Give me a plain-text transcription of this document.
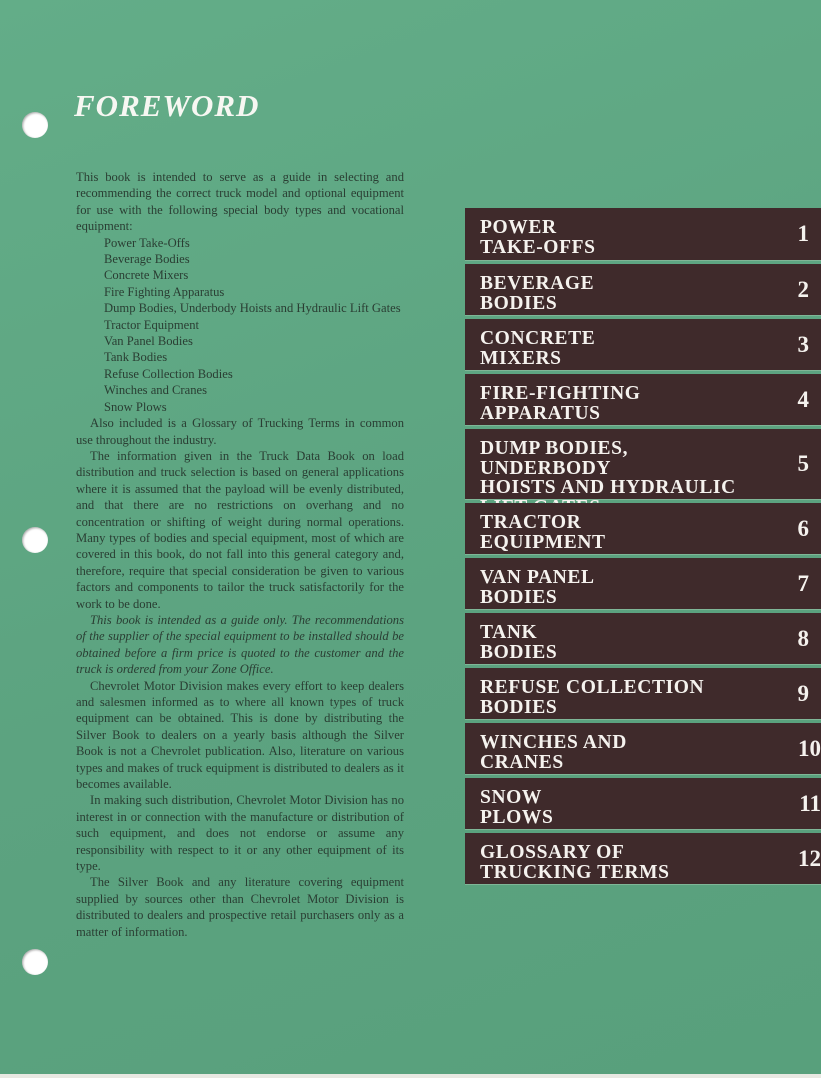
FOREWORD

This book is intended to serve as a guide in selecting and recommending the correct truck model and optional equipment for use with the following special body types and vocational equipment:

Power Take-Offs
Beverage Bodies
Concrete Mixers
Fire Fighting Apparatus
Dump Bodies, Underbody Hoists and Hydraulic Lift Gates
Tractor Equipment
Van Panel Bodies
Tank Bodies
Refuse Collection Bodies
Winches and Cranes
Snow Plows

Also included is a Glossary of Trucking Terms in common use throughout the industry.

The information given in the Truck Data Book on load distribution and truck selection is based on general applications where it is assumed that the payload will be evenly distributed, and that there are no restrictions on overhang and no concentration or shifting of weight during normal operations. Many types of bodies and special equipment, most of which are covered in this book, do not fall into this general category and, therefore, require that special consideration be given to various factors and components to tailor the truck satisfactorily for the work to be done.

This book is intended as a guide only. The recommendations of the supplier of the special equipment to be installed should be obtained before a firm price is quoted to the customer and the truck is ordered from your Zone Office.

Chevrolet Motor Division makes every effort to keep dealers and salesmen informed as to where all known types of truck equipment can be obtained. This is done by distributing the Silver Book to dealers on a yearly basis although the Silver Book is not a Chevrolet publication. Also, literature on various types and makes of truck equipment is distributed to dealers as it becomes available.

In making such distribution, Chevrolet Motor Division has no interest in or connection with the manufacture or distribution of such equipment, and does not endorse or assume any responsibility with respect to it or any other equipment of its type.

The Silver Book and any literature covering equipment supplied by sources other than Chevrolet Motor Division is distributed to dealers and prospective retail purchasers only as a matter of information.

POWER
TAKE-OFFS
1
BEVERAGE
BODIES
2
CONCRETE
MIXERS
3
FIRE-FIGHTING
APPARATUS
4
DUMP BODIES, UNDERBODY
HOISTS AND HYDRAULIC

5
TRACTOR
EQUIPMENT
6
VAN PANEL
BODIES
7
TANK
BODIES
8
REFUSE COLLECTION
BODIES
9
WINCHES AND
CRANES
10
SNOW
PLOWS
11
GLOSSARY OF
TRUCKING TERMS
12
